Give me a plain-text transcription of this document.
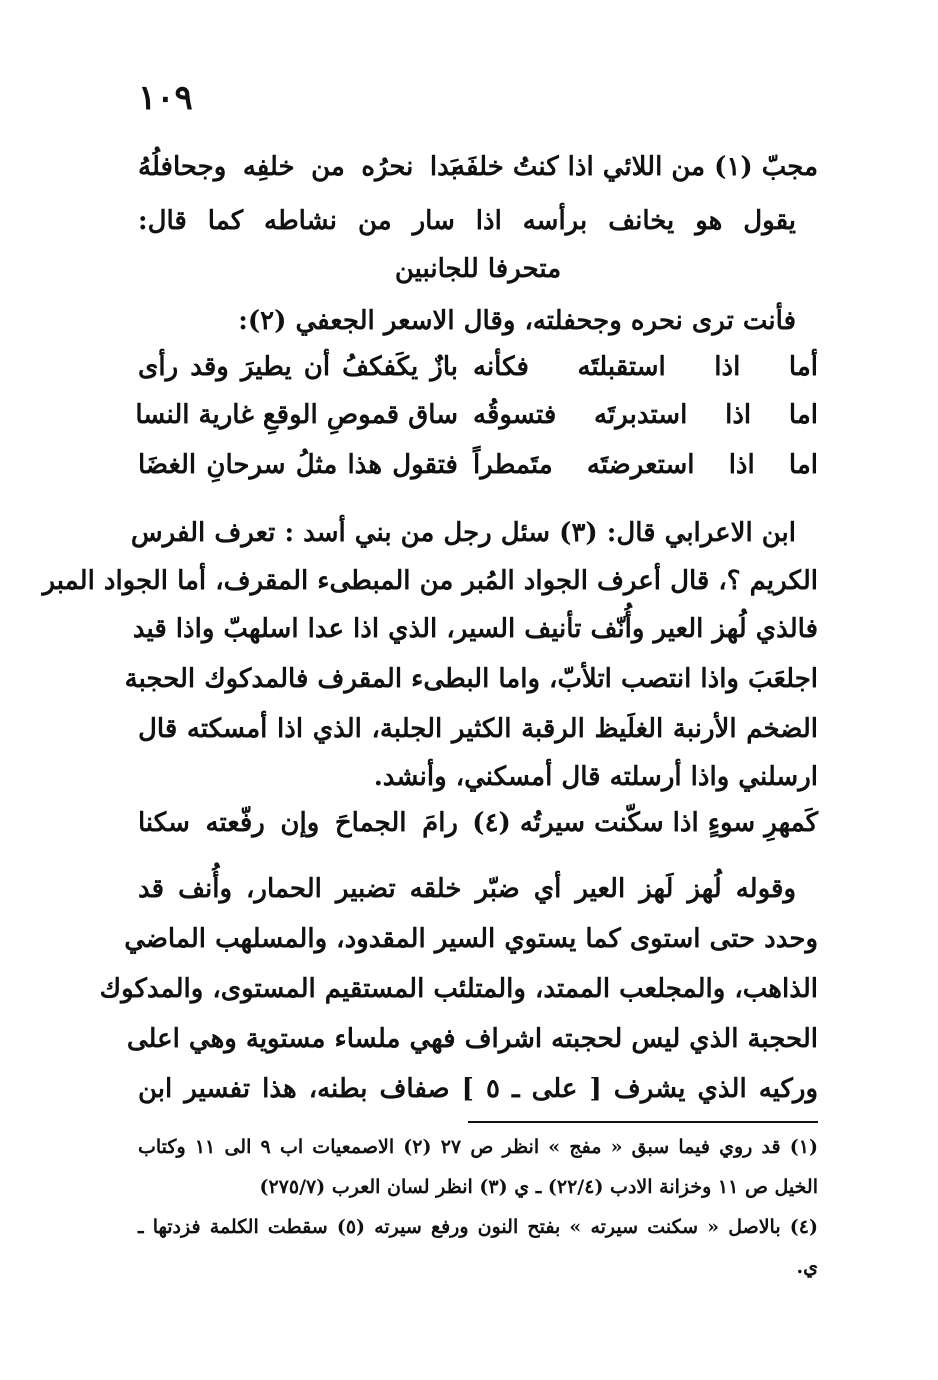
١٠٩
مجبّ (١) من اللائي اذا كنتُ خلفَه
بَدا نحرُه من خلفِه وجحافلُهُ
يقول هو يخانف برأسه اذا سار من نشاطه كما قال:
متحرفا للجانبين
فأنت ترى نحره وجحفلته، وقال الاسعر الجعفي (٢):
أما اذا استقبلتَه فكأنه
بازٌ يكَفكفُ أن يطيرَ وقد رأى
اما اذا استدبرتَه فتسوقُه
ساق قموصِ الوقعِ غارية النسا
اما اذا استعرضتَه متَمطراً
فتقول هذا مثلُ سرحانِ الغضَا
ابن الاعرابي قال: (٣) سئل رجل من بني أسد : تعرف الفرس
الكريم ؟، قال أعرف الجواد المُبر من المبطىء المقرف، أما الجواد المبر
فالذي لُهز العير وأُنّف تأنيف السير، الذي اذا عدا اسلهبّ واذا قيد
اجلعَبَ واذا انتصب اتلأبّ، واما البطىء المقرف فالمدكوك الحجبة
الضخم الأرنبة الغلَيظ الرقبة الكثير الجلبة، الذي اذا أمسكته قال
ارسلني واذا أرسلته قال أمسكني، وأنشد.
كَمهرِ سوءٍ اذا سكّنت سيرتُه (٤)
رامَ الجماحَ وإن رفّعته سكنا
وقوله لُهز لَهز العير أي ضبّر خلقه تضبير الحمار، وأُنف قد
وحدد حتى استوى كما يستوي السير المقدود، والمسلهب الماضي
الذاهب، والمجلعب الممتد، والمتلئب المستقيم المستوى، والمدكوك
الحجبة الذي ليس لحجبته اشراف فهي ملساء مستوية وهي اعلى
وركيه الذي يشرف [ على ـ ٥ ] صفاف بطنه، هذا تفسير ابن
(١) قد روي فيما سبق « مفج » انظر ص ٢٧ (٢) الاصمعيات اب ٩ الى ١١ وكتاب
الخيل ص ١١ وخزانة الادب (٢٢/٤) ـ ي (٣) انظر لسان العرب (٢٧٥/٧)
(٤) بالاصل « سكنت سيرته » بفتح النون ورفع سيرته (٥) سقطت الكلمة فزدتها ـ
ي.
